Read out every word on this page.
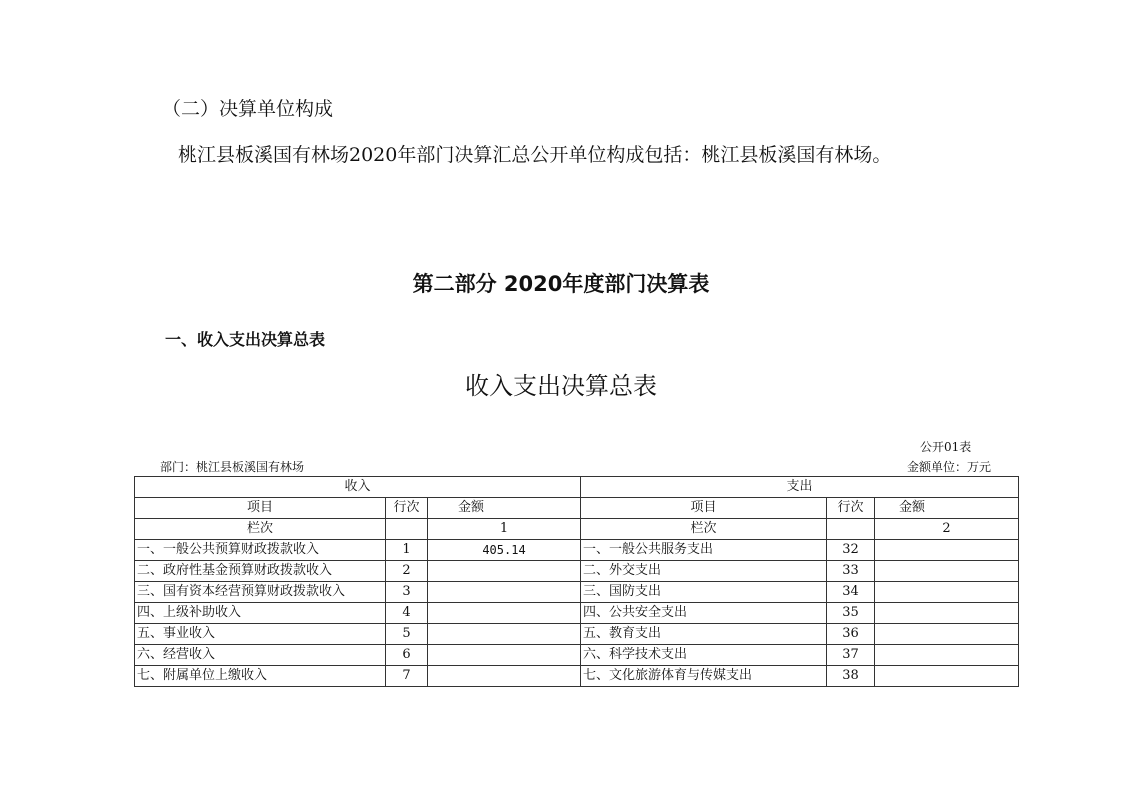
（二）决算单位构成
桃江县板溪国有林场2020年部门决算汇总公开单位构成包括：桃江县板溪国有林场。
第二部分 2020年度部门决算表
一、收入支出决算总表
收入支出决算总表
公开01表
部门：桃江县板溪国有林场	金额单位：万元
收入			支出		
项目	行次	金额	项目	行次	金额
栏次		1	栏次		2
一、一般公共预算财政拨款收入	1	405.14	一、一般公共服务支出	32	
二、政府性基金预算财政拨款收入	2		二、外交支出	33	
三、国有资本经营预算财政拨款收入	3		三、国防支出	34	
四、上级补助收入	4		四、公共安全支出	35	
五、事业收入	5		五、教育支出	36	
六、经营收入	6		六、科学技术支出	37	
七、附属单位上缴收入	7		七、文化旅游体育与传媒支出	38	
